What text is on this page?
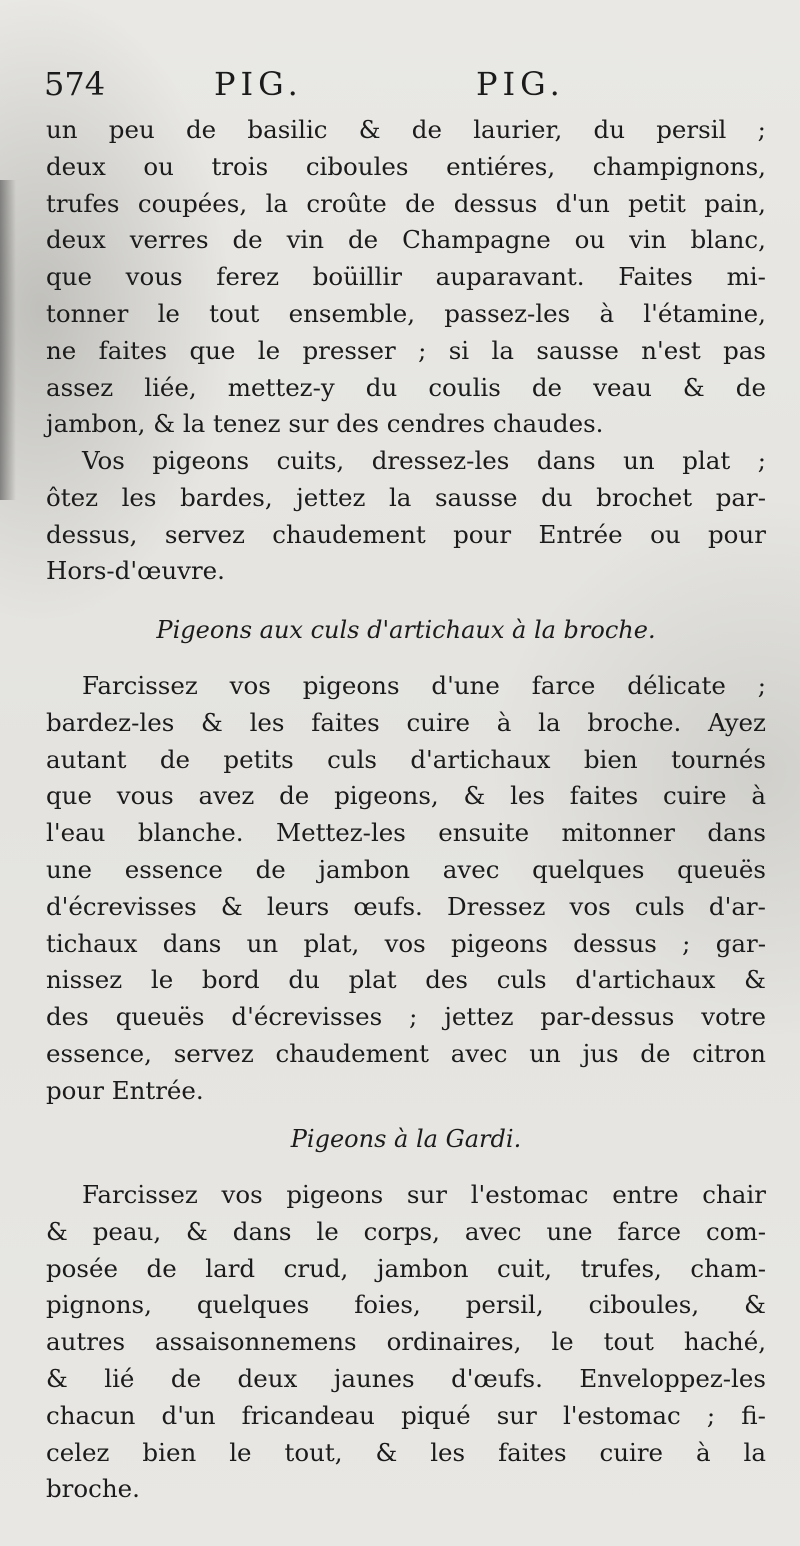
574	PIG.	PIG.
un peu de basilic & de laurier, du persil ;
deux ou trois ciboules entiéres, champignons,
trufes coupées, la croûte de dessus d'un petit pain,
deux verres de vin de Champagne ou vin blanc,
que vous ferez boüillir auparavant. Faites mi-
tonner le tout ensemble, passez-les à l'étamine,
ne faites que le presser ; si la sausse n'est pas
assez liée, mettez-y du coulis de veau & de
jambon, & la tenez sur des cendres chaudes.
Vos pigeons cuits, dressez-les dans un plat ;
ôtez les bardes, jettez la sausse du brochet par-
dessus, servez chaudement pour Entrée ou pour
Hors-d'œuvre.
Pigeons aux culs d'artichaux à la broche.
Farcissez vos pigeons d'une farce délicate ;
bardez-les & les faites cuire à la broche. Ayez
autant de petits culs d'artichaux bien tournés
que vous avez de pigeons, & les faites cuire à
l'eau blanche. Mettez-les ensuite mitonner dans
une essence de jambon avec quelques queuës
d'écrevisses & leurs œufs. Dressez vos culs d'ar-
tichaux dans un plat, vos pigeons dessus ; gar-
nissez le bord du plat des culs d'artichaux &
des queuës d'écrevisses ; jettez par-dessus votre
essence, servez chaudement avec un jus de citron
pour Entrée.
Pigeons à la Gardi.
Farcissez vos pigeons sur l'estomac entre chair
& peau, & dans le corps, avec une farce com-
posée de lard crud, jambon cuit, trufes, cham-
pignons, quelques foies, persil, ciboules, &
autres assaisonnemens ordinaires, le tout haché,
& lié de deux jaunes d'œufs. Enveloppez-les
chacun d'un fricandeau piqué sur l'estomac ; fi-
celez bien le tout, & les faites cuire à la
broche.
